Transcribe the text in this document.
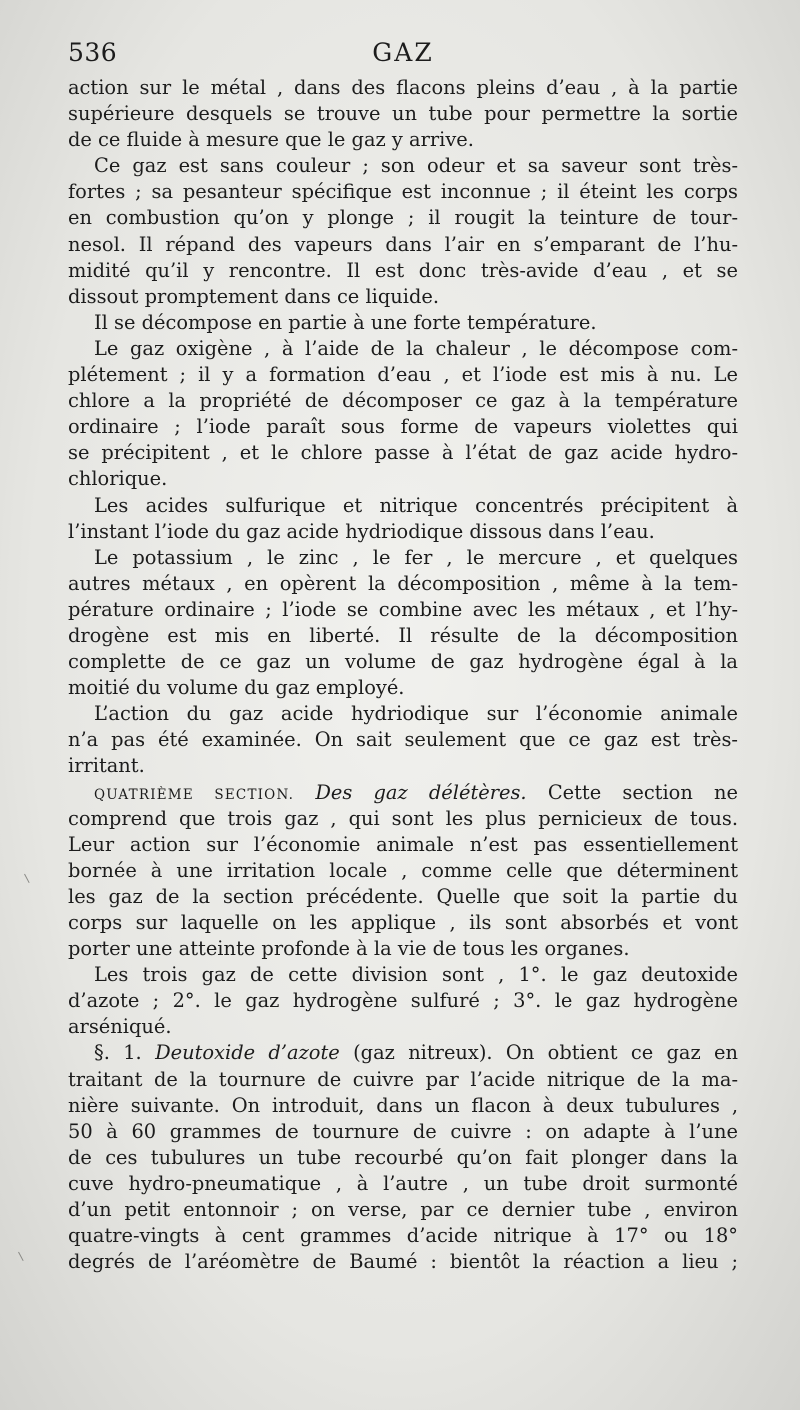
536	GAZ
action sur le métal , dans des flacons pleins d’eau , à la partie
supérieure desquels se trouve un tube pour permettre la sortie
de ce fluide à mesure que le gaz y arrive.
Ce gaz est sans couleur ; son odeur et sa saveur sont très-
fortes ; sa pesanteur spécifique est inconnue ; il éteint les corps
en combustion qu’on y plonge ; il rougit la teinture de tour-
nesol. Il répand des vapeurs dans l’air en s’emparant de l’hu-
midité qu’il y rencontre. Il est donc très-avide d’eau , et se
dissout promptement dans ce liquide.
Il se décompose en partie à une forte température.
Le gaz oxigène , à l’aide de la chaleur , le décompose com-
plétement ; il y a formation d’eau , et l’iode est mis à nu. Le
chlore a la propriété de décomposer ce gaz à la température
ordinaire ; l’iode paraît sous forme de vapeurs violettes qui
se précipitent , et le chlore passe à l’état de gaz acide hydro-
chlorique.
Les acides sulfurique et nitrique concentrés précipitent à
l’instant l’iode du gaz acide hydriodique dissous dans l’eau.
Le potassium , le zinc , le fer , le mercure , et quelques
autres métaux , en opèrent la décomposition , même à la tem-
pérature ordinaire ; l’iode se combine avec les métaux , et l’hy-
drogène est mis en liberté. Il résulte de la décomposition
complette de ce gaz un volume de gaz hydrogène égal à la
moitié du volume du gaz employé.
L’action du gaz acide hydriodique sur l’économie animale
n’a pas été examinée. On sait seulement que ce gaz est très-
irritant.
QUATRIÈME SECTION. Des gaz délétères. Cette section ne
comprend que trois gaz , qui sont les plus pernicieux de tous.
Leur action sur l’économie animale n’est pas essentiellement
bornée à une irritation locale , comme celle que déterminent
les gaz de la section précédente. Quelle que soit la partie du
corps sur laquelle on les applique , ils sont absorbés et vont
porter une atteinte profonde à la vie de tous les organes.
Les trois gaz de cette division sont , 1°. le gaz deutoxide
d’azote ; 2°. le gaz hydrogène sulfuré ; 3°. le gaz hydrogène
arséniqué.
§. 1. Deutoxide d’azote (gaz nitreux). On obtient ce gaz en
traitant de la tournure de cuivre par l’acide nitrique de la ma-
nière suivante. On introduit, dans un flacon à deux tubulures ,
50 à 60 grammes de tournure de cuivre : on adapte à l’une
de ces tubulures un tube recourbé qu’on fait plonger dans la
cuve hydro-pneumatique , à l’autre , un tube droit surmonté
d’un petit entonnoir ; on verse, par ce dernier tube , environ
quatre-vingts à cent grammes d’acide nitrique à 17° ou 18°
degrés de l’aréomètre de Baumé : bientôt la réaction a lieu ;
